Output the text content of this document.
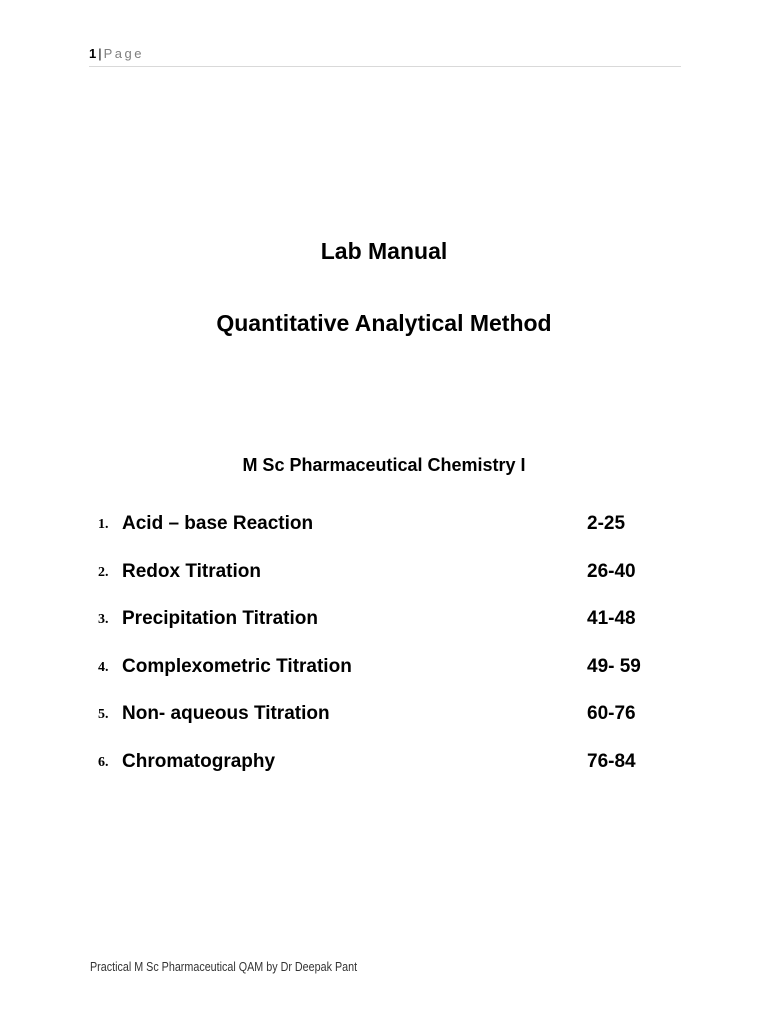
1 | Page
Lab Manual
Quantitative Analytical Method
M Sc Pharmaceutical Chemistry I
1. Acid – base Reaction	2-25
2. Redox Titration	26-40
3. Precipitation Titration	41-48
4. Complexometric Titration	49- 59
5. Non- aqueous Titration	60-76
6. Chromatography	76-84
Practical M Sc Pharmaceutical QAM by Dr Deepak Pant
